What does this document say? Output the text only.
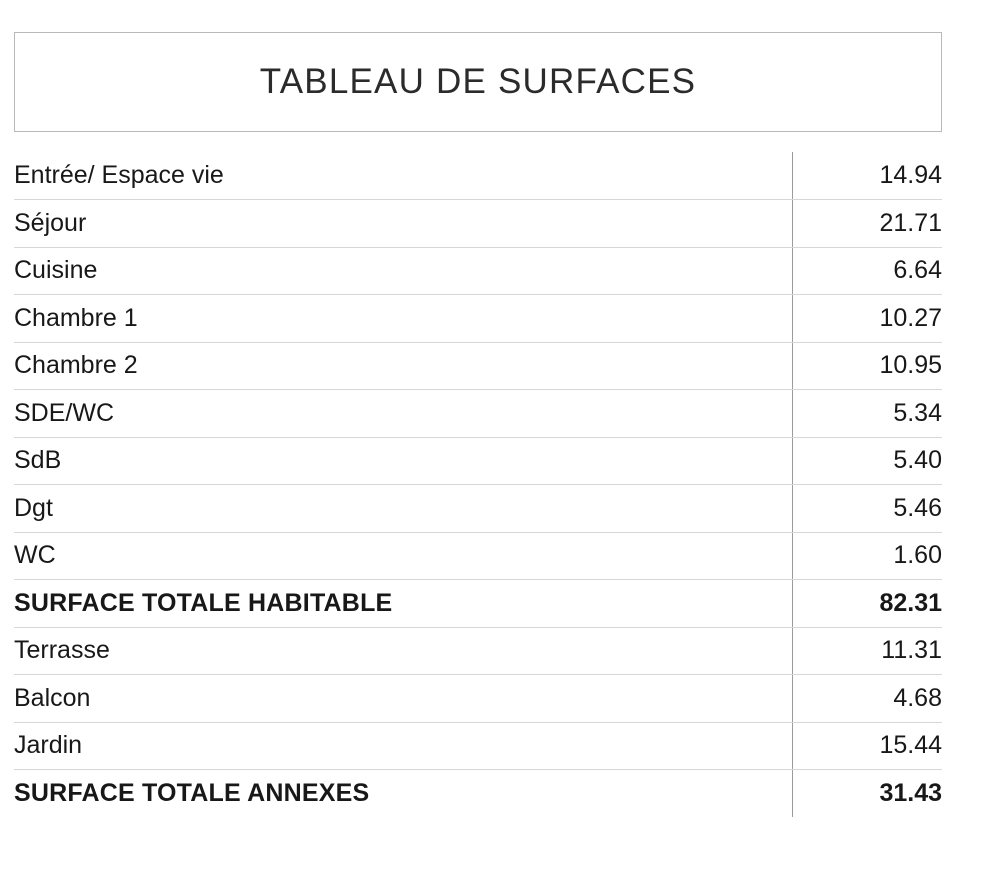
TABLEAU DE SURFACES
Entrée/ Espace vie	14.94
Séjour	21.71
Cuisine	6.64
Chambre 1	10.27
Chambre 2	10.95
SDE/WC	5.34
SdB	5.40
Dgt	5.46
WC	1.60
SURFACE TOTALE HABITABLE	82.31
Terrasse	11.31
Balcon	4.68
Jardin	15.44
SURFACE TOTALE ANNEXES	31.43
